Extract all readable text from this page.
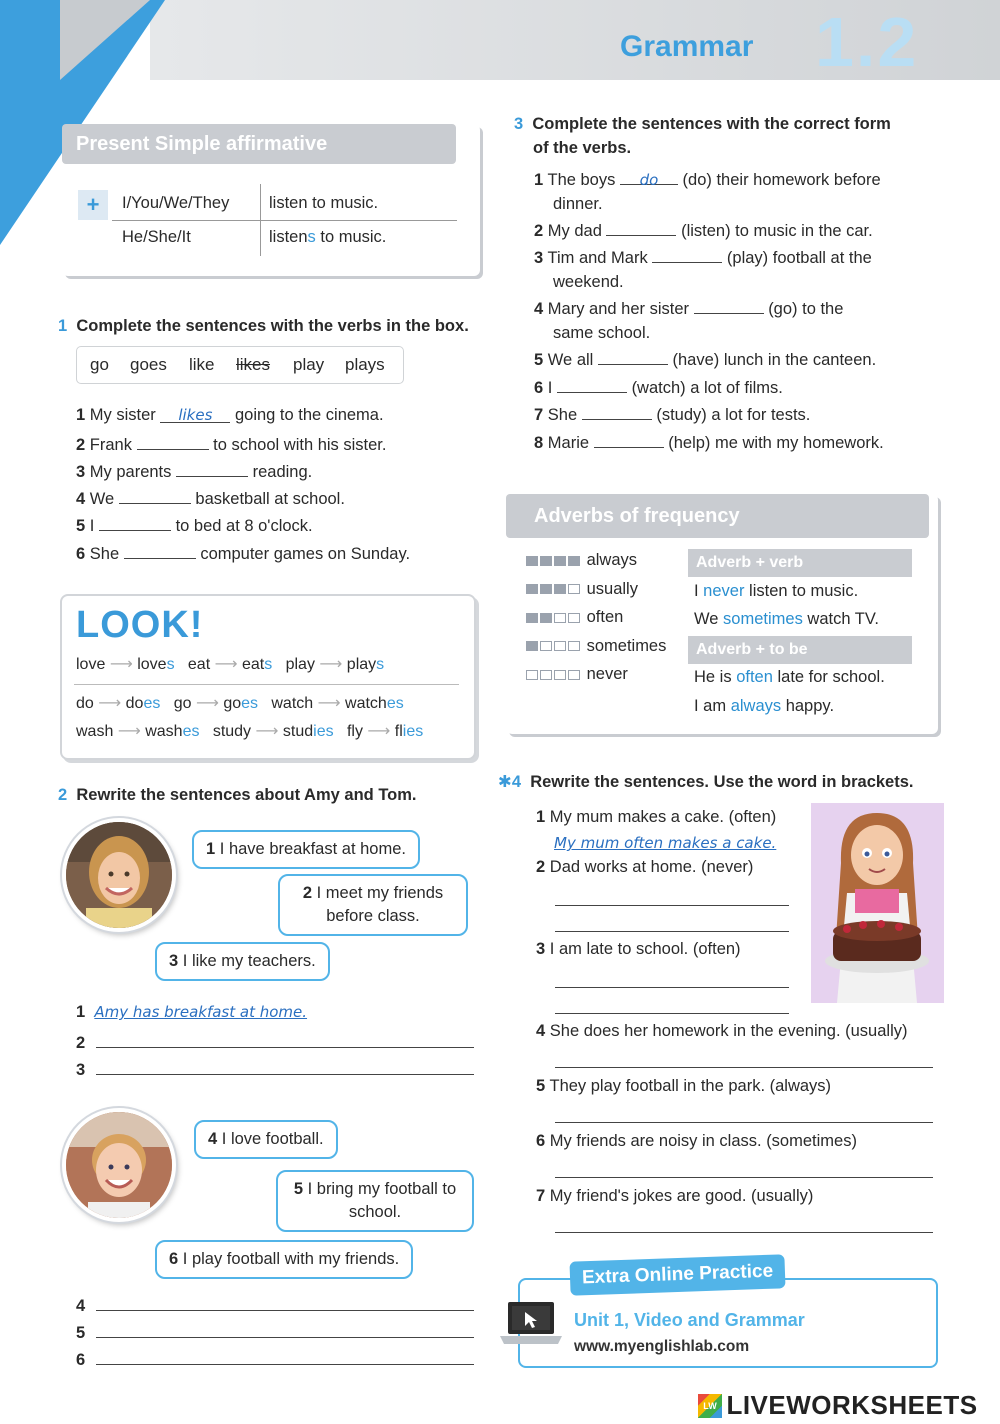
Grammar 1.2
Present Simple affirmative
+	I/You/We/They listen to music.
He/She/It	listens to music.
1 Complete the sentences with the verbs in the box.
go goes like likes play plays
1 My sister likes going to the cinema.
2 Frank	to school with his sister.
3 My parents	reading.
4 We	basketball at school.
5 I	to bed at 8 o'clock.
6 She	computer games on Sunday.
LOOK!
love ⟶ loves eat ⟶ eats play ⟶ plays
do ⟶ does go ⟶ goes watch ⟶ watches
wash ⟶ washes study ⟶ studies fly ⟶ flies
2 Rewrite the sentences about Amy and Tom.
1 I have breakfast at home.
2 I meet my friends before class.
3 I like my teachers.
1 Amy has breakfast at home.
2
3
4 I love football.
5 I bring my football to school.
6 I play football with my friends.
4
5
6
3 Complete the sentences with the correct form
of the verbs.
1 The boys do (do) their homework before
dinner.
2 My dad	(listen) to music in the car.
3 Tim and Mark	(play) football at the
weekend.
4 Mary and her sister	(go) to the
same school.
5 We all	(have) lunch in the canteen.
6 I	(watch) a lot of films.
7 She	(study) a lot for tests.
8 Marie	(help) me with my homework.
Adverbs of frequency
always
usually
often
sometimes
never
Adverb + verb
I never listen to music.
We sometimes watch TV.
Adverb + to be
He is often late for school.
I am always happy.
✱4 Rewrite the sentences. Use the word in brackets.
1 My mum makes a cake. (often)
My mum often makes a cake.
2 Dad works at home. (never)
3 I am late to school. (often)
4 She does her homework in the evening. (usually)
5 They play football in the park. (always)
6 My friends are noisy in class. (sometimes)
7 My friend's jokes are good. (usually)
Extra Online Practice
Unit 1, Video and Grammar
www.myenglishlab.com
LW LIVEWORKSHEETS
